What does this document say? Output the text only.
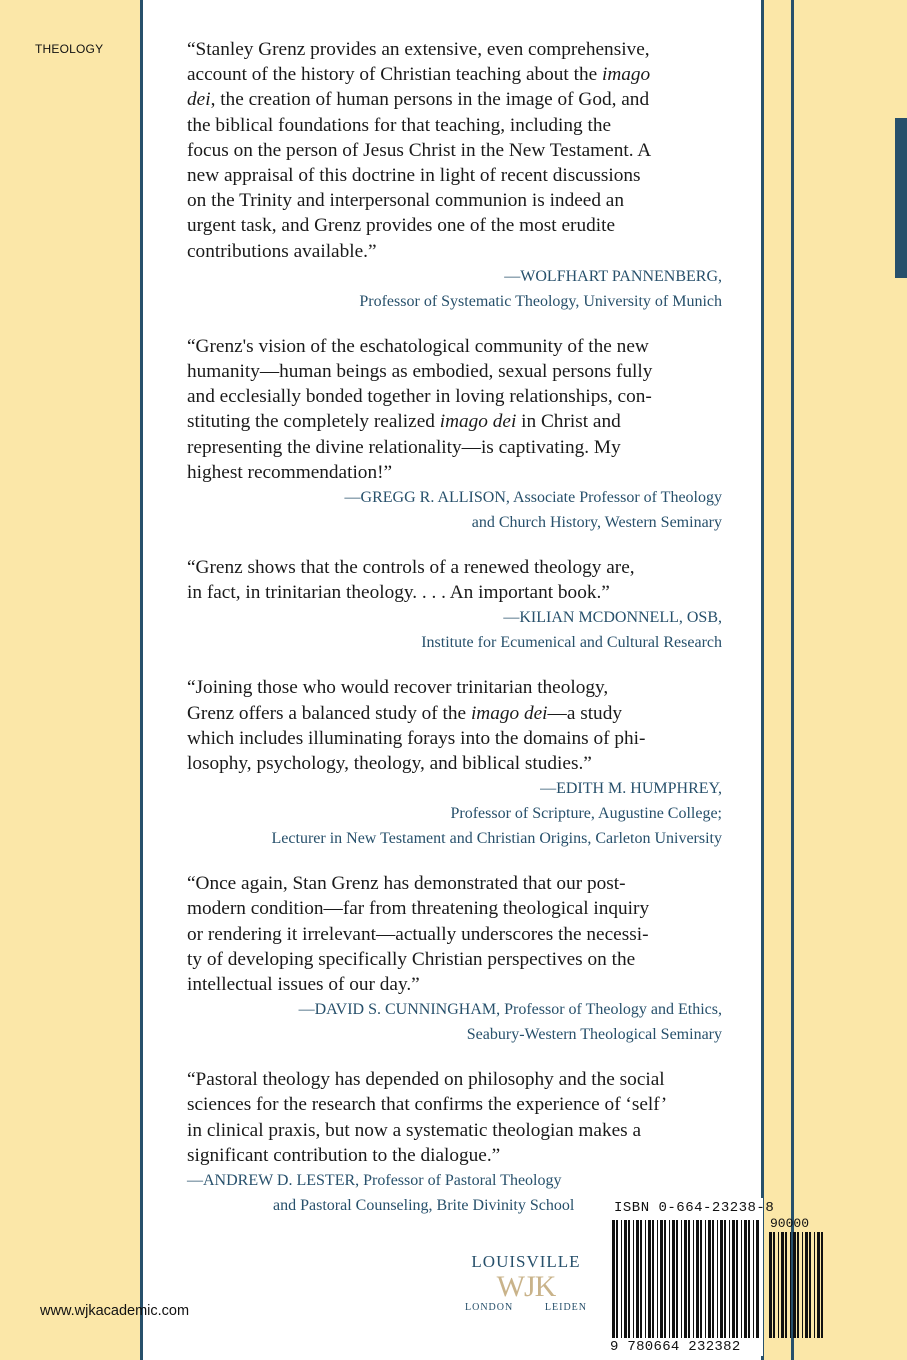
THEOLOGY	“Stanley Grenz provides an extensive, even comprehensive,
account of the history of Christian teaching about the imago
dei, the creation of human persons in the image of God, and
the biblical foundations for that teaching, including the
focus on the person of Jesus Christ in the New Testament. A
new appraisal of this doctrine in light of recent discussions
on the Trinity and interpersonal communion is indeed an
urgent task, and Grenz provides one of the most erudite
contributions available.”

—WOLFHART PANNENBERG,
Professor of Systematic Theology, University of Munich

“Grenz's vision of the eschatological community of the new
humanity—human beings as embodied, sexual persons fully
and ecclesially bonded together in loving relationships, con-
stituting the completely realized imago dei in Christ and
representing the divine relationality—is captivating. My
highest recommendation!”

—GREGG R. ALLISON, Associate Professor of Theology
and Church History, Western Seminary

“Grenz shows that the controls of a renewed theology are,
in fact, in trinitarian theology. . . . An important book.”

—KILIAN MCDONNELL, OSB,
Institute for Ecumenical and Cultural Research

“Joining those who would recover trinitarian theology,
Grenz offers a balanced study of the imago dei—a study
which includes illuminating forays into the domains of phi-
losophy, psychology, theology, and biblical studies.”

—EDITH M. HUMPHREY,
Professor of Scripture, Augustine College;
Lecturer in New Testament and Christian Origins, Carleton University

“Once again, Stan Grenz has demonstrated that our post-
modern condition—far from threatening theological inquiry
or rendering it irrelevant—actually underscores the necessi-
ty of developing specifically Christian perspectives on the
intellectual issues of our day.”

—DAVID S. CUNNINGHAM, Professor of Theology and Ethics,
Seabury-Western Theological Seminary

“Pastoral theology has depended on philosophy and the social
sciences for the research that confirms the experience of ‘self’
in clinical praxis, but now a systematic theologian makes a
significant contribution to the dialogue.”

—ANDREW D. LESTER, Professor of Pastoral Theology
and Pastoral Counseling, Brite Divinity School

LOUISVILLE
WJK
LONDON	LEIDEN
ISBN 0-664-23238-8
90000
9 780664 232382
www.wjkacademic.com
